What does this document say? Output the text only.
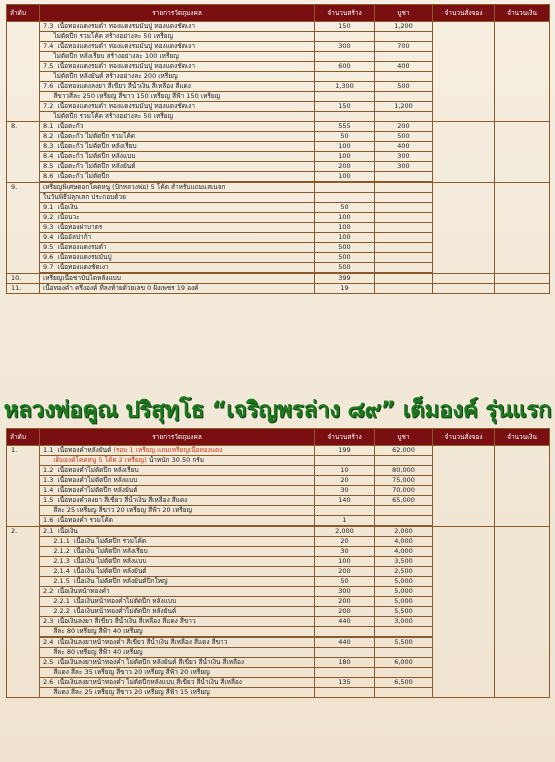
ลำดับ	รายการวัตถุมงคล	จำนวนสร้าง	บูชา	จำนวนสั่งจอง	จำนวนเงิน
	7.3  เนื้อทองแดงรมดำ ทองแดงรมมันปู ทองแดงชัดเงา	150	1,200		
	ไม่ตัดปีก รวมโค้ด สร้างอย่างละ 50 เหรียญ				
	7.4  เนื้อทองแดงรมดำ ทองแดงรมมันปู ทองแดงชัดเงา	300	700		
	ไม่ตัดปีก หลังเรียบ สร้างอย่างละ 100 เหรียญ				
	7.5  เนื้อทองแดงรมดำ ทองแดงรมมันปู ทองแดงชัดเงา	600	400		
	ไม่ตัดปีก หลังยันต์ สร้างอย่างละ 200 เหรียญ				
	7.6  เนื้อทองแดงลงยา สีเขียว สีน้ำเงิน สีเหลือง สีแดง	1,300	500		
	สีขาวสีละ 250 เหรียญ สีขาว 150 เหรียญ สีฟ้า 150 เหรียญ				
	7.2  เนื้อทองแดงรมดำ ทองแดงรมมันปู ทองแดงชัดเงา	150	1,200		
	ไม่ตัดปีก รวมโค้ด สร้างอย่างละ 50 เหรียญ				
8.	8.1  เนื้อตะกั่ว	555	200		
	8.2  เนื้อตะกั่ว ไม่ตัดปีก รวมโค้ด	50	500		
	8.3  เนื้อตะกั่ว ไม่ตัดปีก หลังเรียบ	100	400		
	8.4  เนื้อตะกั่ว ไม่ตัดปีก หลังแบบ	100	300		
	8.5  เนื้อตะกั่ว ไม่ตัดปีก หลังยันต์	200	300		
	8.6  เนื้อตะกั่ว ไม่ตัดปีก	100			

9.	เหรียญพิเศษดอกโคดหนู (ปักหลวงพ่อ) 5 โค้ด สำหรับแถมแสเนจก				
	ในวันพิธีปลุกเสก ประกอบด้วย				
	9.1  เนื้อเงิน	50			
	9.2  เนื้อนวะ	100			
	9.3  เนื้อทองฝาบาตร	100			
	9.4  เนื้ออัลปาก้า	100			
	9.5  เนื้อทองแดงรมดำ	500			
	9.6  เนื้อทองแดงรมมันปู	500			
	9.7  เนื้อทองแดงชัดเงา	500			

10.	เหรียญเนื้อชาบันไดหลังแบบ	399			
11.	เนื้อทองคำ ครึ่งองค์ ที่ลงท้ายด้วยเลข 0 ฝังเพชร 19 องค์	19			
หลวงพ่อคูณ ปริสุทฺโธ “เจริญพรล่าง ๘๙” เต็มองค์ รุ่นแรก
ลำดับ	รายการวัตถุมงคล	จำนวนสร้าง	บูชา	จำนวนสั่งจอง	จำนวนเงิน
1.	1.1  เนื้อทองคำหลังยันต์ (รอบ 1 เหรียญ แถมเหรียญเนื้อทองแดง	199	62,000		
	เต็มองค์โคดหนู 5 โค้ด 2 เหรียญ) น้ำหนัก 30.50 กรัม				
	1.2  เนื้อทองคำไม่ตัดปีก หลังเรียบ	10	80,000		
	1.3  เนื้อทองคำไม่ตัดปีก หลังแบบ	20	75,000		
	1.4  เนื้อทองคำไม่ตัดปีก หลังยันต์	30	70,000		
	1.5  เนื้อทองคำลงยา สีเขียว สีน้ำเงิน สีเหลือง สีแดง	140	65,000		
	สีละ 25 เหรียญ สีขาว 20 เหรียญ สีฟ้า 20 เหรียญ				
	1.6  เนื้อทองคำ รวมโค้ด	1			

2.	2.1  เนื้อเงิน	2,000	2,000		
	2.1.1  เนื้อเงิน ไม่ตัดปีก รวมโค้ด	20	4,000		
	2.1.2  เนื้อเงิน ไม่ตัดปีก หลังเรียบ	30	4,000		
	2.1.3  เนื้อเงิน ไม่ตัดปีก หลังแบบ	100	3,500		
	2.1.4  เนื้อเงิน ไม่ตัดปีก หลังยันต์	200	2,500		
	2.1.5  เนื้อเงิน ไม่ตัดปีก หลังยันต์ปีกใหญ่	50	5,000		
	2.2  เนื้อเงินหน้าทองคำ	300	5,000		
	2.2.1  เนื้อเงินหน้าทองคำไม่ตัดปีก หลังแบบ	200	5,000		
	2.2.2  เนื้อเงินหน้าทองคำไม่ตัดปีก หลังยันต์	200	5,500		
	2.3  เนื้อเงินลงยา สีเขียว สีน้ำเงิน สีเหลือง สีแดง สีขาว	440	3,000		
	สีละ 80 เหรียญ สีฟ้า 40 เหรียญ				

	2.4  เนื้อเงินลงยาหน้าทองคำ สีเขียว สีน้ำเงิน สีเหลือง สีแดง สีขาว	440	5,500		
	สีละ 80 เหรียญ สีฟ้า 40 เหรียญ				
	2.5  เนื้อเงินลงยาหน้าทองคำ ไม่ตัดปีก หลังยันต์ สีเขียว สีน้ำเงิน สีเหลือง	180	6,000		
	สีแดง สีละ 35 เหรียญ สีขาว 20 เหรียญ สีฟ้า 20 เหรียญ				
	2.6  เนื้อเงินลงยาหน้าทองคำ ไม่ตัดปีกหลังแบบ สีเขียว สีน้ำเงิน สีเหลือง	135	6,500		
	สีแดง สีละ 25 เหรียญ สีขาว 20 เหรียญ สีฟ้า 15 เหรียญ				
